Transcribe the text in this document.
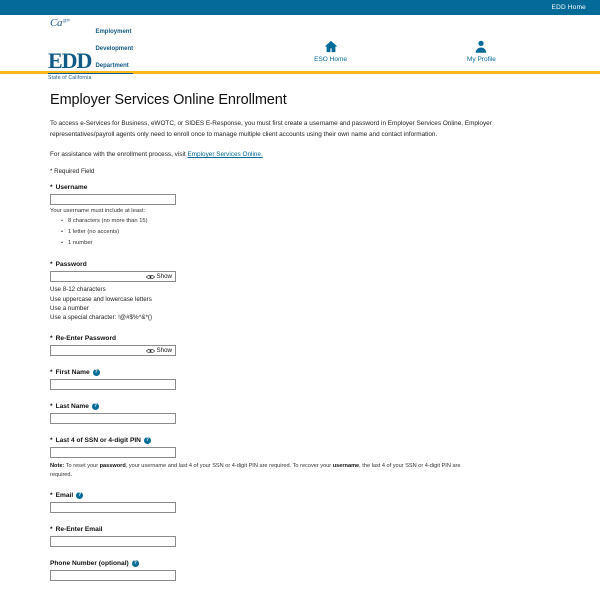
EDD Home
$Ca^{.gov}$
EDD
Employment
Development
Department
State of California
ESO Home	My Profile
Employer Services Online Enrollment

To access e-Services for Business, eWOTC, or SIDES E-Response, you must first create a username and password in Employer Services Online. Employer representatives/payroll agents only need to enroll once to manage multiple client accounts using their own name and contact information.

For assistance with the enrollment process, visit Employer Services Online.

* Required Field
* Username
Your username must include at least:
• 8 characters (no more than 15)
• 1 letter (no accents)
• 1 number
* Password
Show
Use 8-12 characters
Use uppercase and lowercase letters
Use a number
Use a special character: !@#$%^&*()
* Re-Enter Password
Show
* First Name ?
* Last Name ?
* Last 4 of SSN or 4-digit PIN ?
Note: To reset your password, your username and last 4 of your SSN or 4-digit PIN are required. To recover your username, the last 4 of your SSN or 4-digit PIN are required.
* Email ?
* Re-Enter Email
Phone Number (optional) ?
